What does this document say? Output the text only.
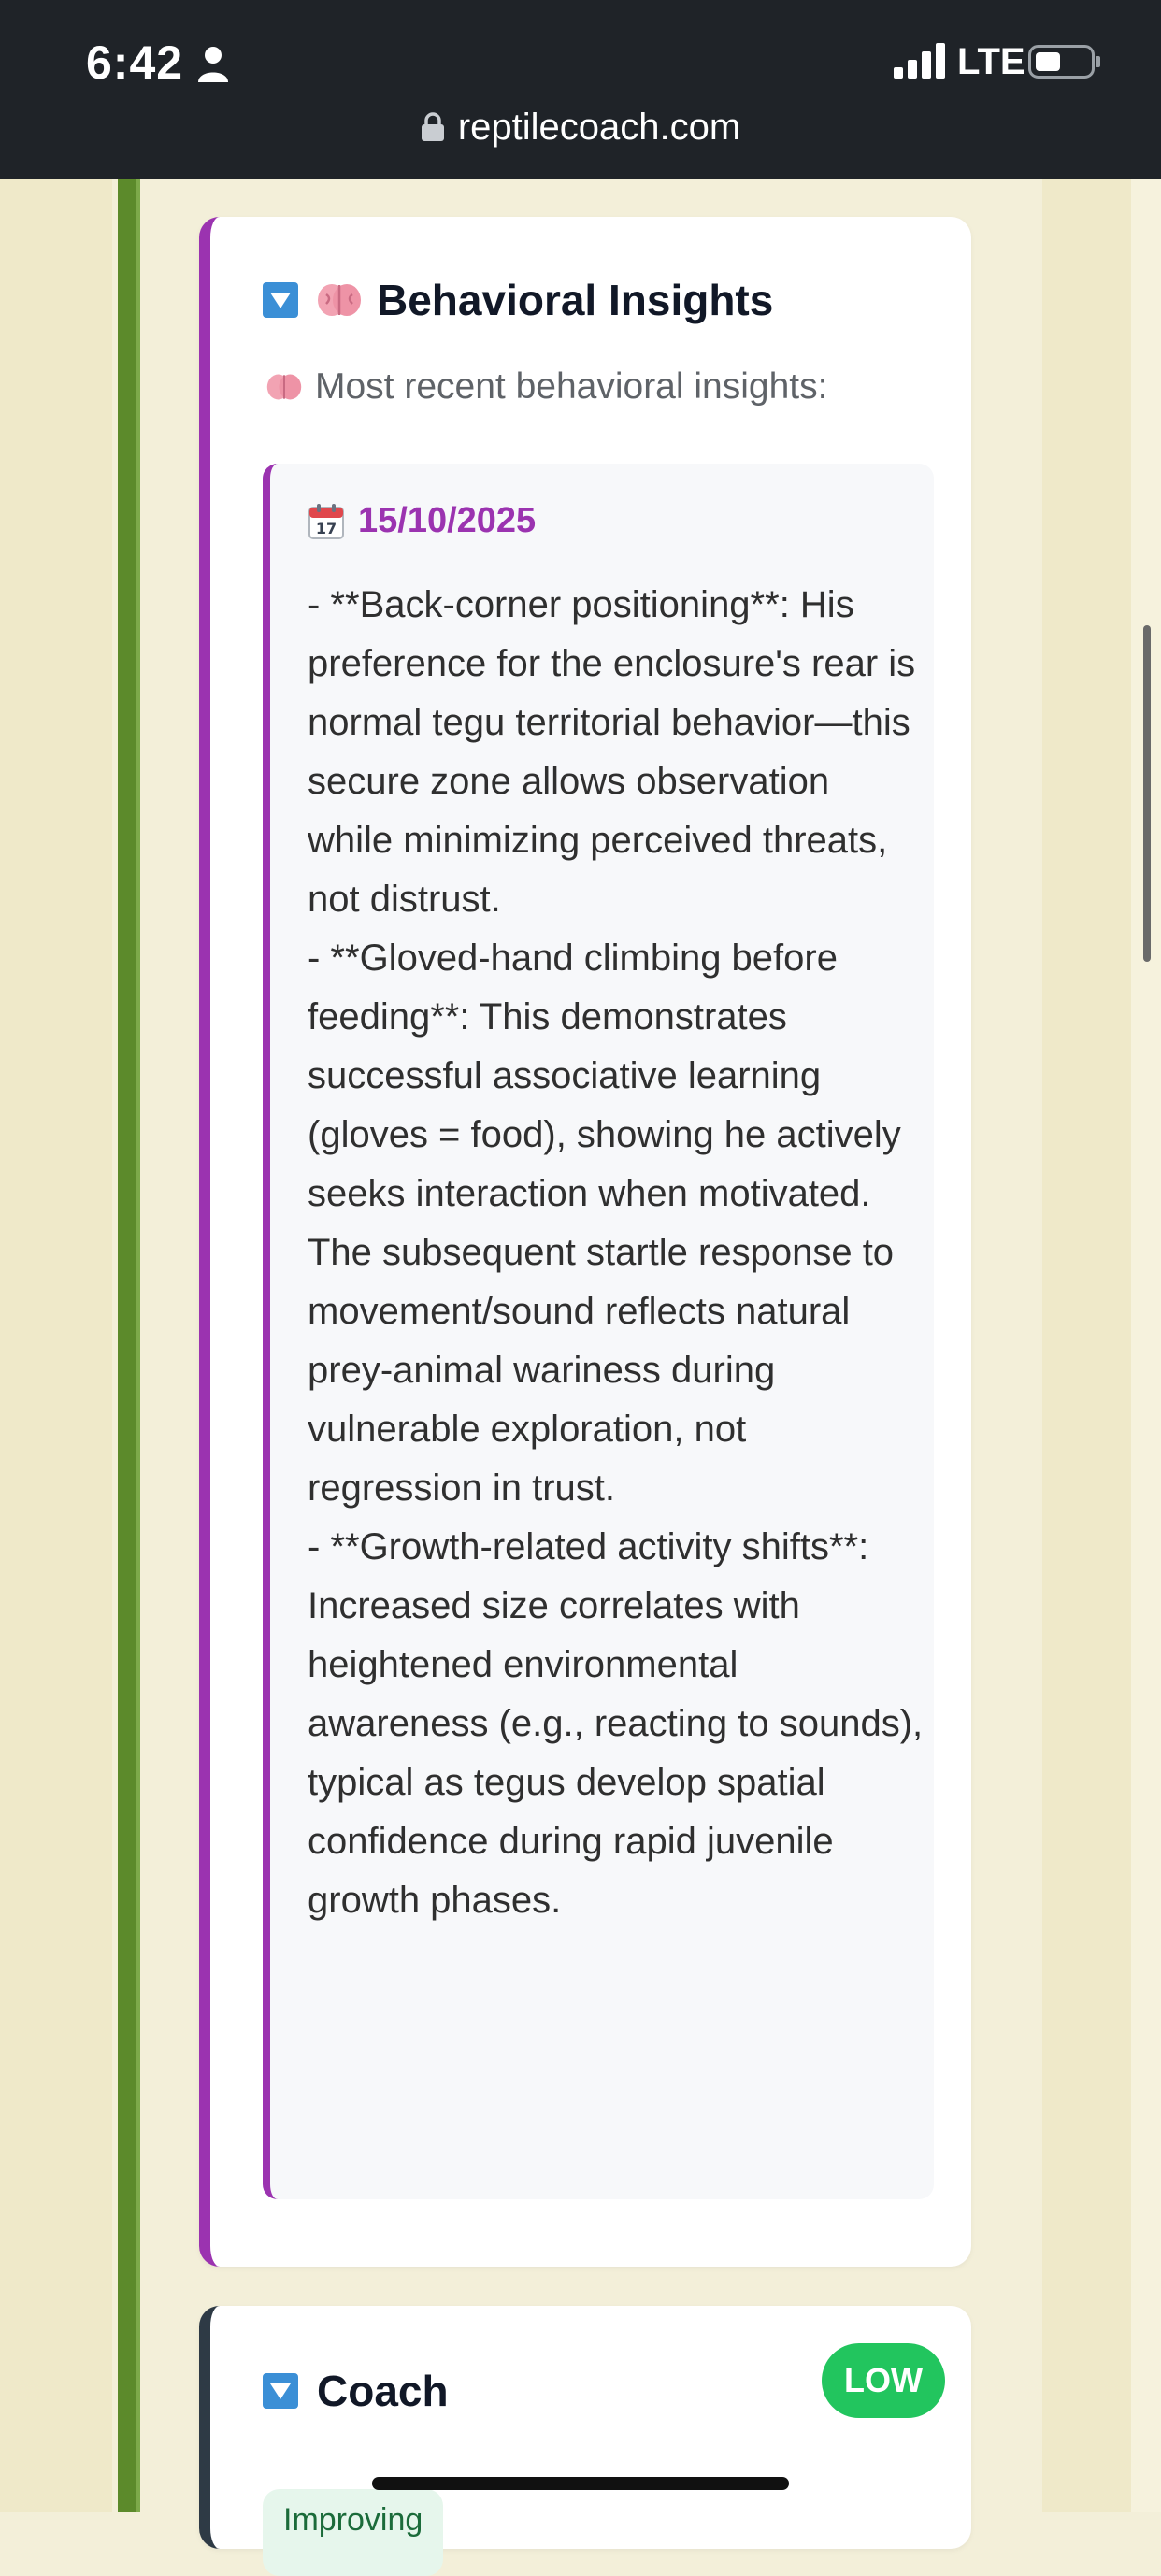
6:42	LTE
reptilecoach.com
Behavioral Insights
Most recent behavioral insights:
17 15/10/2025
- **Back-corner positioning**: His preference for the enclosure's rear is normal tegu territorial behavior—this secure zone allows observation while minimizing perceived threats, not distrust.
- **Gloved-hand climbing before feeding**: This demonstrates successful associative learning (gloves = food), showing he actively seeks interaction when motivated. The subsequent startle response to movement/sound reflects natural prey-animal wariness during vulnerable exploration, not regression in trust.
- **Growth-related activity shifts**: Increased size correlates with heightened environmental awareness (e.g., reacting to sounds), typical as tegus develop spatial confidence during rapid juvenile growth phases.
Coach	LOW
Improving
